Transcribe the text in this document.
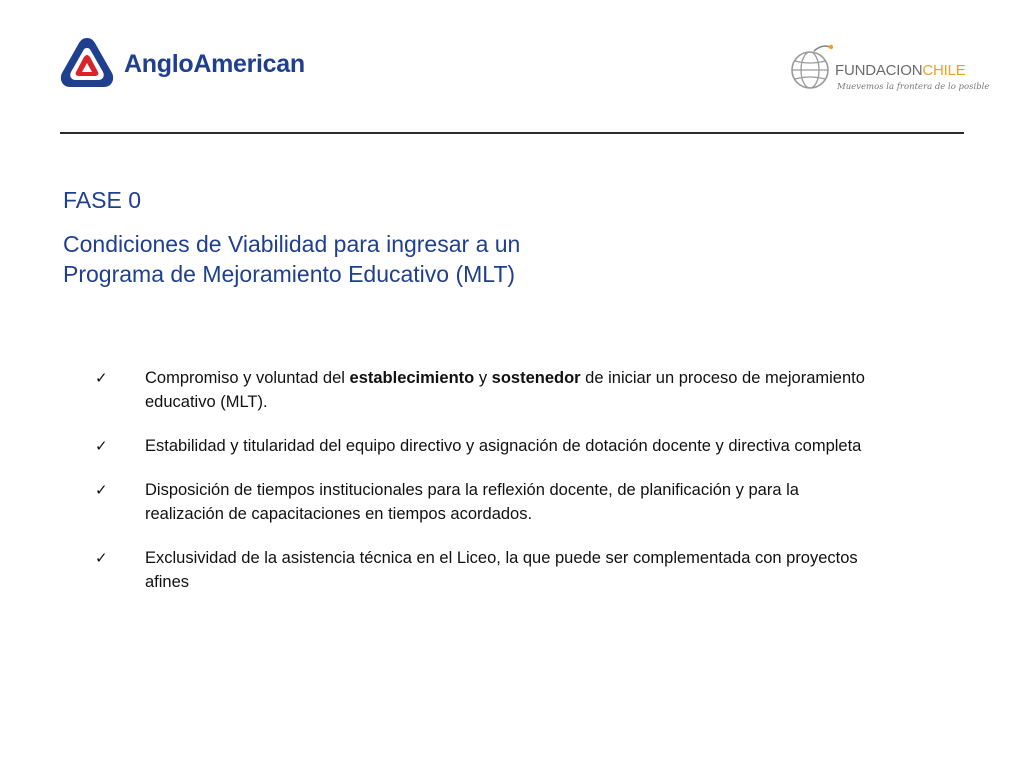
AngloAmerican	FUNDACIONCHILE
Muevemos la frontera de lo posible
FASE 0
Condiciones de Viabilidad para ingresar a un
Programa de Mejoramiento Educativo (MLT)
✓ Compromiso y voluntad del establecimiento y sostenedor de iniciar un proceso de mejoramiento educativo (MLT).
✓ Estabilidad y titularidad del equipo directivo y asignación de dotación docente y directiva completa
✓ Disposición de tiempos institucionales para la reflexión docente, de planificación y para la realización de capacitaciones en tiempos acordados.
✓ Exclusividad de la asistencia técnica en el Liceo, la que puede ser complementada con proyectos afines
